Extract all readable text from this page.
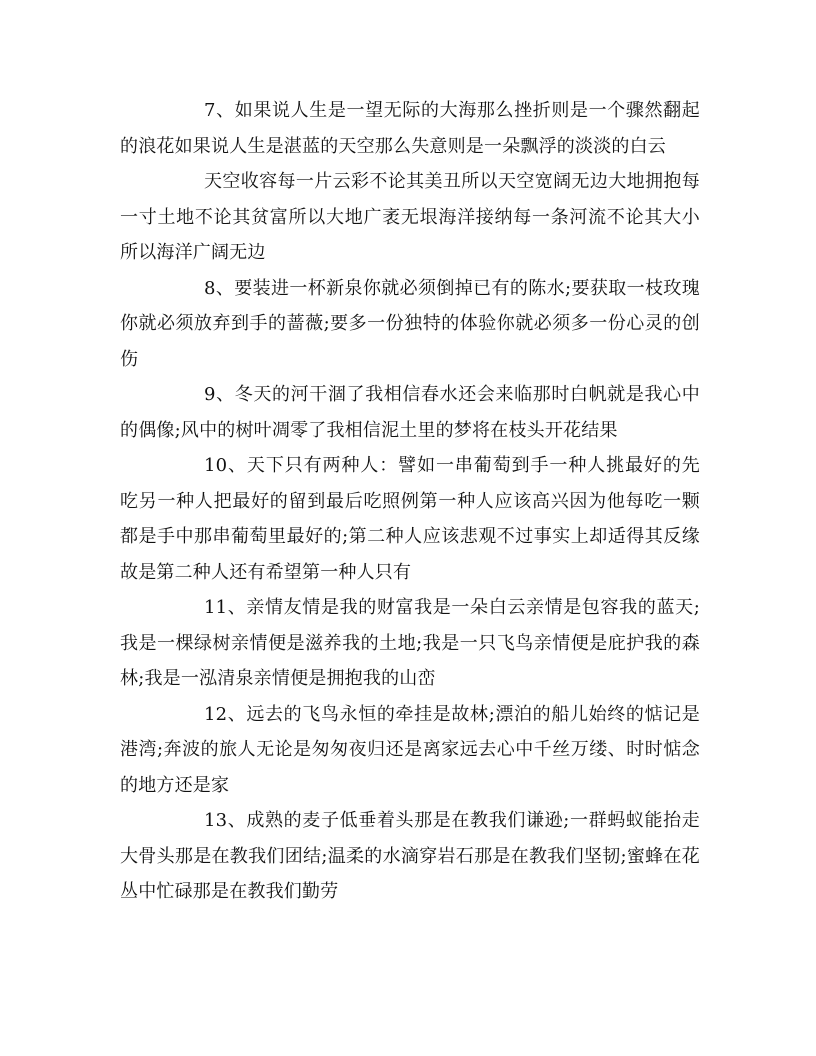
7、如果说人生是一望无际的大海那么挫折则是一个骤然翻起的浪花如果说人生是湛蓝的天空那么失意则是一朵飘浮的淡淡的白云

天空收容每一片云彩不论其美丑所以天空宽阔无边大地拥抱每一寸土地不论其贫富所以大地广袤无垠海洋接纳每一条河流不论其大小所以海洋广阔无边

8、要装进一杯新泉你就必须倒掉已有的陈水;要获取一枝玫瑰你就必须放弃到手的蔷薇;要多一份独特的体验你就必须多一份心灵的创伤

9、冬天的河干涸了我相信春水还会来临那时白帆就是我心中的偶像;风中的树叶凋零了我相信泥土里的梦将在枝头开花结果

10、天下只有两种人：譬如一串葡萄到手一种人挑最好的先吃另一种人把最好的留到最后吃照例第一种人应该高兴因为他每吃一颗都是手中那串葡萄里最好的;第二种人应该悲观不过事实上却适得其反缘故是第二种人还有希望第一种人只有

11、亲情友情是我的财富我是一朵白云亲情是包容我的蓝天;我是一棵绿树亲情便是滋养我的土地;我是一只飞鸟亲情便是庇护我的森林;我是一泓清泉亲情便是拥抱我的山峦

12、远去的飞鸟永恒的牵挂是故林;漂泊的船儿始终的惦记是港湾;奔波的旅人无论是匆匆夜归还是离家远去心中千丝万缕、时时惦念的地方还是家

13、成熟的麦子低垂着头那是在教我们谦逊;一群蚂蚁能抬走大骨头那是在教我们团结;温柔的水滴穿岩石那是在教我们坚韧;蜜蜂在花丛中忙碌那是在教我们勤劳
